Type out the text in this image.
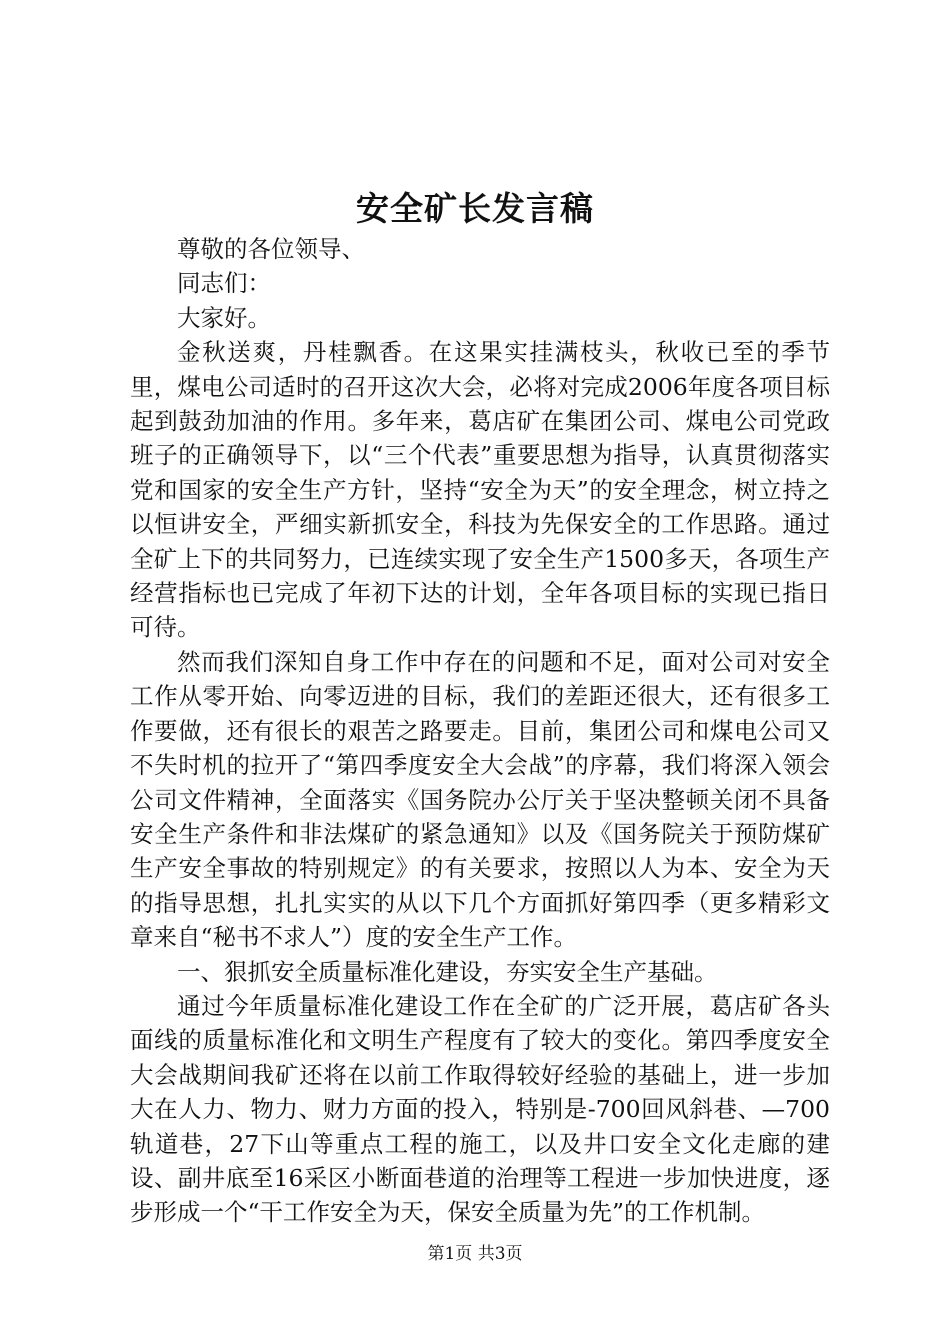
安全矿长发言稿

尊敬的各位领导、

同志们：

大家好。

金秋送爽，丹桂飘香。在这果实挂满枝头，秋收已至的季节里，煤电公司适时的召开这次大会，必将对完成2006年度各项目标起到鼓劲加油的作用。多年来，葛店矿在集团公司、煤电公司党政班子的正确领导下，以“三个代表”重要思想为指导，认真贯彻落实党和国家的安全生产方针，坚持“安全为天”的安全理念，树立持之以恒讲安全，严细实新抓安全，科技为先保安全的工作思路。通过全矿上下的共同努力，已连续实现了安全生产1500多天，各项生产经营指标也已完成了年初下达的计划，全年各项目标的实现已指日可待。

然而我们深知自身工作中存在的问题和不足，面对公司对安全工作从零开始、向零迈进的目标，我们的差距还很大，还有很多工作要做，还有很长的艰苦之路要走。目前，集团公司和煤电公司又不失时机的拉开了“第四季度安全大会战”的序幕，我们将深入领会公司文件精神，全面落实《国务院办公厅关于坚决整顿关闭不具备安全生产条件和非法煤矿的紧急通知》以及《国务院关于预防煤矿生产安全事故的特别规定》的有关要求，按照以人为本、安全为天的指导思想，扎扎实实的从以下几个方面抓好第四季（更多精彩文章来自“秘书不求人”）度的安全生产工作。

一、狠抓安全质量标准化建设，夯实安全生产基础。

通过今年质量标准化建设工作在全矿的广泛开展，葛店矿各头面线的质量标准化和文明生产程度有了较大的变化。第四季度安全大会战期间我矿还将在以前工作取得较好经验的基础上，进一步加大在人力、物力、财力方面的投入，特别是-700回风斜巷、—700轨道巷，27下山等重点工程的施工，以及井口安全文化走廊的建设、副井底至16采区小断面巷道的治理等工程进一步加快进度，逐步形成一个“干工作安全为天，保安全质量为先”的工作机制。

第1页 共3页
